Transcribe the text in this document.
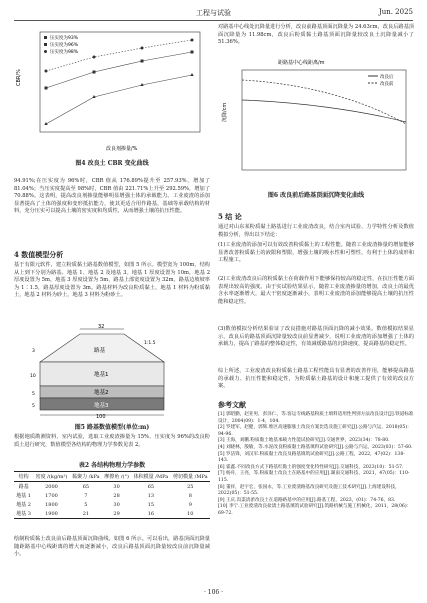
工程与试验	Jun. 2025
压实度为93%
压实度为96%
压实度为98%
CBR/%
改良剂掺量/%
图4 改良土 CBR 变化曲线
94.91%;在压实度为 96%时，CBR 值从 176.89%提升至 257.93%，增加了 81.04%；当压实度提高至 98%时，CBR 值由 221.71%上升至 292.59%，增加了 70.88%。这表明，提高改良剂掺量能够明显增强土体的承载能力。工业废渣的添加显著提高了土体的强度和变形抵抗能力，使其更适合用作路基，基础等承载结构的材料，充分压实可以提高土壤的密实度和均质性，从而增强土壤的抗压性能。
4 数值模型分析
基于有限元软件，建立粉质黏土路基数值模型，如图 5 所示。模型宽为 100m，结构从上到下分别为路基、地基 1、地基 2 及地基 3。地基 1 厚度设置为 10m，地基 2 厚度设置为 5m，地基 3 厚度设置为 5m，路基上部宽度设置为 32m，路基边坡坡率为 1∶1.5，路基厚度设置为 3m。路基材料为改良粉质黏土，地基 1 材料为粉质黏土，地基 2 材料为砂土，地基 3 材料为粉砂土。
路基
地基1
地基2
地基3
32
1:1.5
3
10
5
5
100
图5 路基数值模型(单位:m)
根据地质勘测资料、室内试验，选取工业废渣掺量为 15%、压实度为 96%的改良粉质土进行研究，数值模型各结构的物理力学参数见表 2。
表2 各结构物理力学参数
结构	密度 /(kg/m³)	黏聚力 /kPa	摩擦角 /(°)	体积模量 /MPa	剪切模量 /MPa
路基	2000	65	30	65	25
地基 1	1700	7	28	13	8
地基 2	1800	5	30	15	9
地基 3	1900	21	29	16	10
绘制粉质黏土改良前后路基顶面沉降曲线，如图 6 所示。可以看出，路基顶面沉降量随距路基中心线距离的增大而逐渐减小，改良后路基顶面沉降量较改良前沉降量减小。
· 106 ·
对路基中心线处沉降量进行分析，改良前路基顶面沉降量为 24.63cm，改良后路基顶面沉降量为 11.98cm，改良后粉质黏土路基顶面沉降量较改良土沉降量减小了 51.36%。
改良后
改良前
距路基中心线距离/m
沉降/cm
图6 改良前后路基顶面沉降变化曲线
5 结 论
通过对山东某粉质黏土路基进行工业废渣改良，结合室内试验、力学特性分析及数值模拟分析，得出以下结论：
(1)工业废渣的添加可以有效改善粉质黏土的工程性能。随着工业废渣掺量的增加能够显著改善粉质黏土的液限和塑限，增强土壤的吸水性和可塑性，有利于土体的成形和工程施工。
(2)工业废渣改良后的粉质黏土在荷载作用下能够保持较高的稳定性，在抗压性能方面表现出较高的强度。由于实试验结果显示，随着工业废渣掺量的增加，改良土的最优含水率逐渐增大，最大干密度逐渐减小，表明工业废渣的添加能够提高土壤的抗压性能和稳定性。
(3)数值模拟分析结果验证了改良措施对路基顶面沉降的减小效果。数值模拟结果显示，改良后的路基顶面沉降量较改良前显著减少，说明工业废渣的添加增强了土体的承载力，提高了路基的整体稳定性，有效减缓路基的沉降速度，提高路基的稳定性。
综上所述，工业废渣改良粉质黏土路基工程性能具有显著的改善作用，能够提高路基的承载力、抗压性能和稳定性，为粉质黏土路基的设计和施工提供了有效的改良方案。
参考文献
[1] 郭昭勤，赵亚男，彭泽仁，等.客运专线路基粉质土填料适用性判别方法改良设计[J].铁道标准设计，2004(09)：1-4，104.
[2] 罗建军，赵健，郭辉.堆区高速膨胀土改良方案比选及施工研究[J].公路与汽运，2018(05)：94-96.
[3] 王海，刘鹏.粉质黏土地基承载力性能试验研究[J].交通世界，2023(34)：78-80.
[4] 刘晓林，殷敏，等.水泥改良粉质黏土路基填料试验研究[J].公路与汽运，2023(03)：57-60.
[5] 罗洁锋，刘汉军.粉质黏土改良及路基填筑试验研究[J].公路工程，2022，47(02)：138-143.
[6] 霍鑫.不同改良方式下路基红黏土的强度变化特性研究[J].交通科技，2023(10)：51-57.
[7] 杨舟，王亮，等.粉质黏土改良土在路基中的应用[J].湖南交通科技，2021，47(05)：110-115.
[8] 董祥，赵宇宏，张国永，等.工业废渣路基改良研究及施工技术研究[J].上海建设科技，2022(05)：51-55.
[9] 王庆.沟渠清淤改良土在道路路基中的应用[J].路基工程，2023，(01)：74-76，83.
[10] 李宁.工业废渣改良盐渍土路基填筑试验研究[J].筑路机械与施工机械化，2011，28(06)：69-72.
